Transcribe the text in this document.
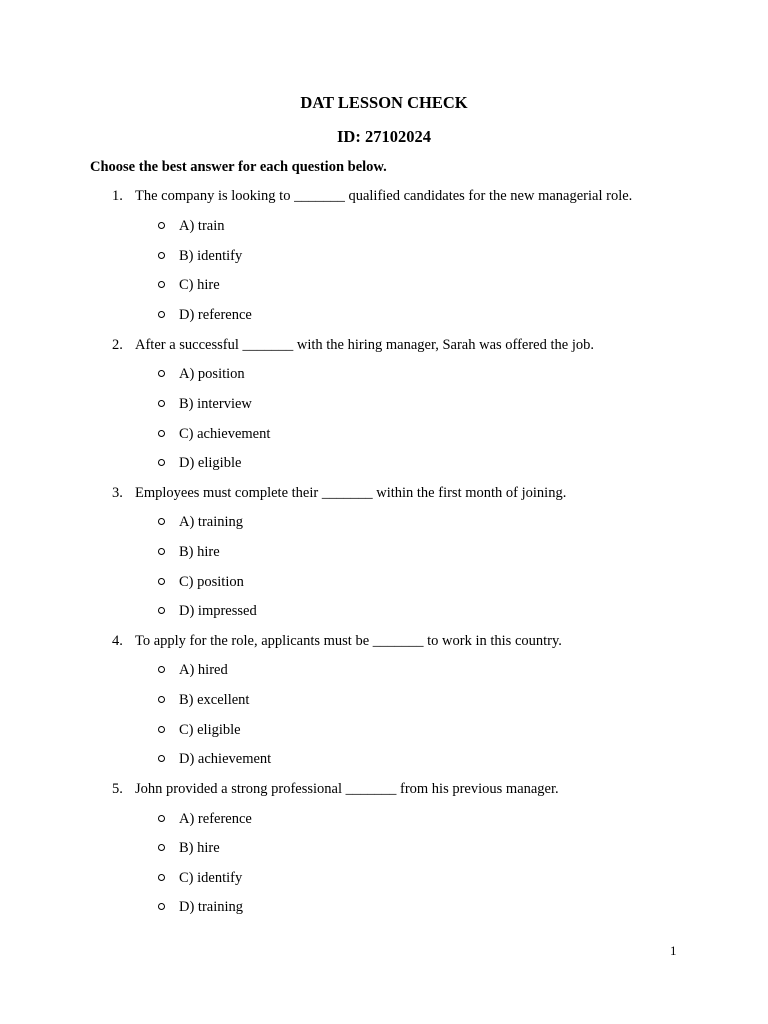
DAT LESSON CHECK
ID: 27102024

Choose the best answer for each question below.

1. The company is looking to _______ qualified candidates for the new managerial role.

A) train

B) identify

C) hire

D) reference

2. After a successful _______ with the hiring manager, Sarah was offered the job.

A) position

B) interview

C) achievement

D) eligible

3. Employees must complete their _______ within the first month of joining.

A) training

B) hire

C) position

D) impressed

4. To apply for the role, applicants must be _______ to work in this country.

A) hired

B) excellent

C) eligible

D) achievement

5. John provided a strong professional _______ from his previous manager.

A) reference

B) hire

C) identify

D) training

1
